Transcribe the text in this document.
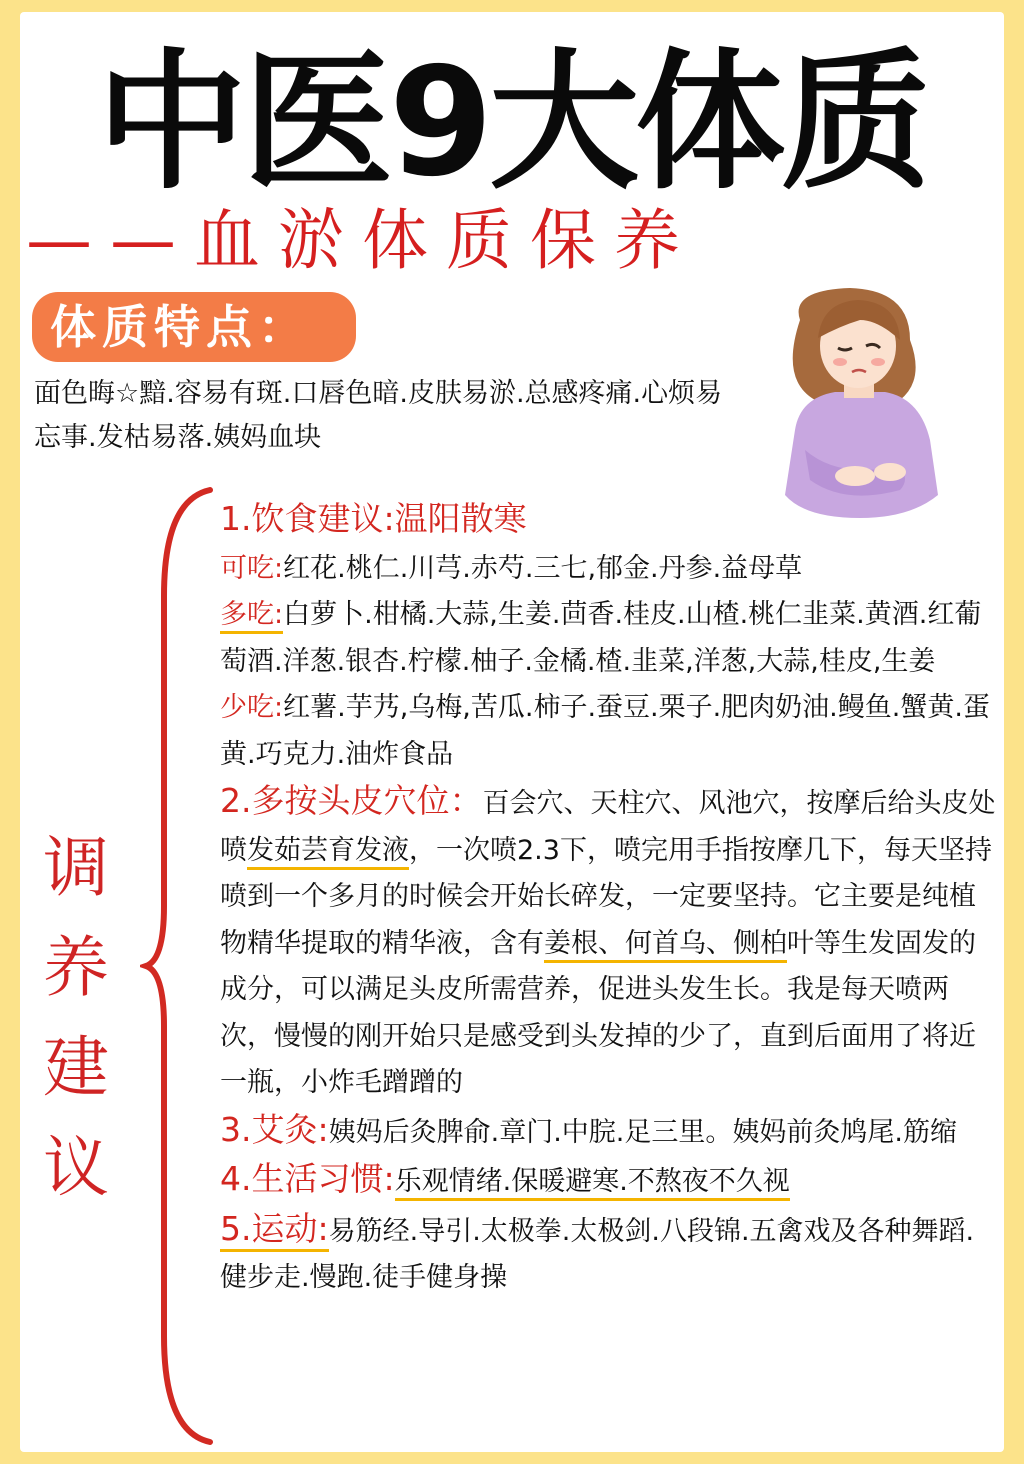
中医9大体质
——血淤体质保养
体质特点：
面色晦☆黯.容易有斑.口唇色暗.皮肤易淤.总感疼痛.心烦易忘事.发枯易落.姨妈血块
调
养
建
议

1.饮食建议:温阳散寒

可吃:红花.桃仁.川芎.赤芍.三七,郁金.丹参.益母草

多吃:白萝卜.柑橘.大蒜,生姜.茴香.桂皮.山楂.桃仁韭菜.黄酒.红葡萄酒.洋葱.银杏.柠檬.柚子.金橘.楂.韭菜,洋葱,大蒜,桂皮,生姜

少吃:红薯.芋艿,乌梅,苦瓜.柿子.蚕豆.栗子.肥肉奶油.鳗鱼.蟹黄.蛋黄.巧克力.油炸食品

2.多按头皮穴位：百会穴、天柱穴、风池穴，按摩后给头皮处喷发茹芸育发液，一次喷2.3下，喷完用手指按摩几下，每天坚持喷到一个多月的时候会开始长碎发，一定要坚持。它主要是纯植物精华提取的精华液，含有姜根、何首乌、侧柏叶等生发固发的成分，可以满足头皮所需营养，促进头发生长。我是每天喷两次，慢慢的刚开始只是感受到头发掉的少了，直到后面用了将近一瓶，小炸毛蹭蹭的

3.艾灸:姨妈后灸脾俞.章门.中脘.足三里。姨妈前灸鸠尾.筋缩

4.生活习惯:乐观情绪.保暖避寒.不熬夜不久视

5.运动:易筋经.导引.太极拳.太极剑.八段锦.五禽戏及各种舞蹈.健步走.慢跑.徒手健身操
